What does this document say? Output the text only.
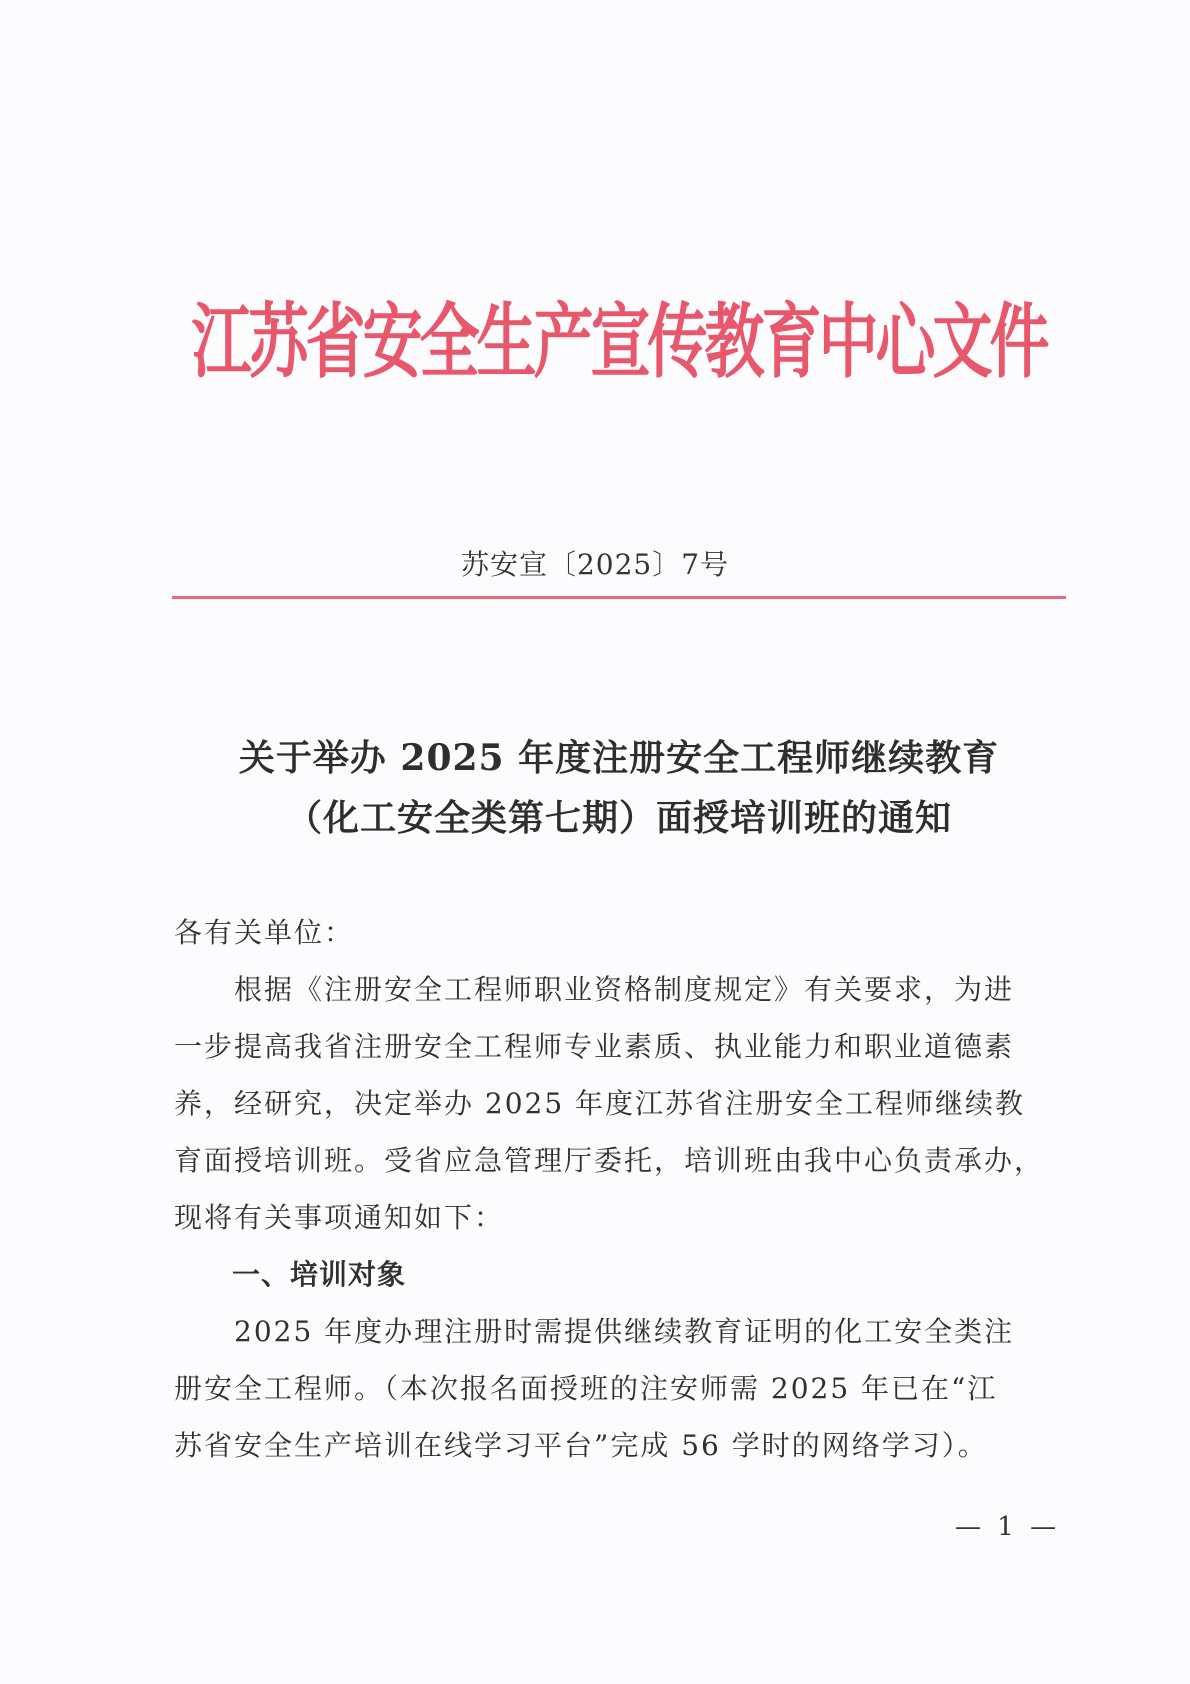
江苏省安全生产宣传教育中心文件
苏安宣〔2025〕7号
关于举办 2025 年度注册安全工程师继续教育
（化工安全类第七期）面授培训班的通知
各有关单位：
　　根据《注册安全工程师职业资格制度规定》有关要求，为进
一步提高我省注册安全工程师专业素质、执业能力和职业道德素
养，经研究，决定举办 2025 年度江苏省注册安全工程师继续教
育面授培训班。受省应急管理厅委托，培训班由我中心负责承办，
现将有关事项通知如下：
　　一、培训对象
　　2025 年度办理注册时需提供继续教育证明的化工安全类注
册安全工程师。（本次报名面授班的注安师需 2025 年已在“江
苏省安全生产培训在线学习平台”完成 56 学时的网络学习）。
— 1 —
